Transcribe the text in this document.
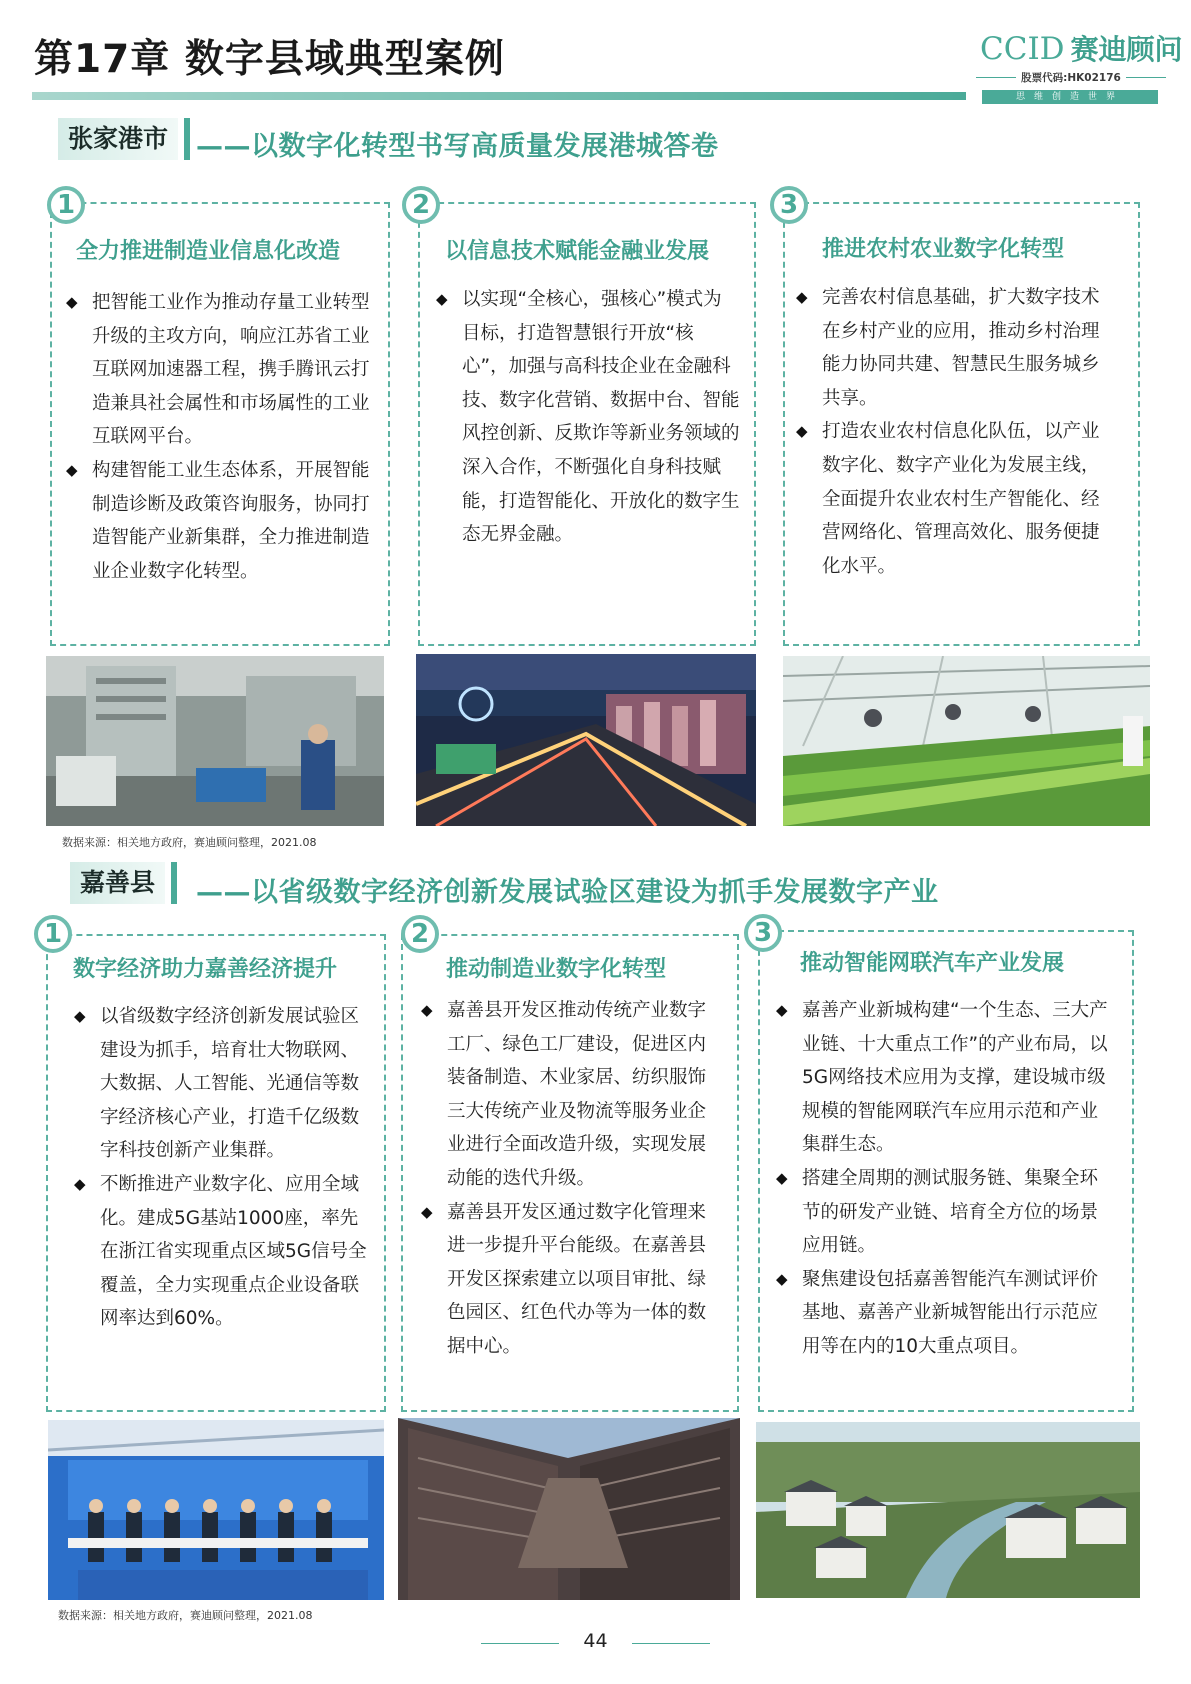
第17章 数字县域典型案例	CCID 赛迪顾问
股票代码:HK02176
思维创造世界
张家港市	——以数字化转型书写高质量发展港城答卷
1
全力推进制造业信息化改造
◆ 把智能工业作为推动存量工业转型升级的主攻方向，响应江苏省工业互联网加速器工程，携手腾讯云打造兼具社会属性和市场属性的工业互联网平台。
◆ 构建智能工业生态体系，开展智能制造诊断及政策咨询服务，协同打造智能产业新集群，全力推进制造业企业数字化转型。
2
以信息技术赋能金融业发展
◆ 以实现“全核心，强核心”模式为目标，打造智慧银行开放“核心”，加强与高科技企业在金融科技、数字化营销、数据中台、智能风控创新、反欺诈等新业务领域的深入合作，不断强化自身科技赋能，打造智能化、开放化的数字生态无界金融。
3
推进农村农业数字化转型
◆ 完善农村信息基础，扩大数字技术在乡村产业的应用，推动乡村治理能力协同共建、智慧民生服务城乡共享。
◆ 打造农业农村信息化队伍，以产业数字化、数字产业化为发展主线，全面提升农业农村生产智能化、经营网络化、管理高效化、服务便捷化水平。
数据来源：相关地方政府，赛迪顾问整理，2021.08
嘉善县	——以省级数字经济创新发展试验区建设为抓手发展数字产业
1
数字经济助力嘉善经济提升
◆ 以省级数字经济创新发展试验区建设为抓手，培育壮大物联网、大数据、人工智能、光通信等数字经济核心产业，打造千亿级数字科技创新产业集群。
◆ 不断推进产业数字化、应用全域化。建成5G基站1000座，率先在浙江省实现重点区域5G信号全覆盖，全力实现重点企业设备联网率达到60%。
2
推动制造业数字化转型
◆ 嘉善县开发区推动传统产业数字工厂、绿色工厂建设，促进区内装备制造、木业家居、纺织服饰三大传统产业及物流等服务业企业进行全面改造升级，实现发展动能的迭代升级。
◆ 嘉善县开发区通过数字化管理来进一步提升平台能级。在嘉善县开发区探索建立以项目审批、绿色园区、红色代办等为一体的数据中心。
3
推动智能网联汽车产业发展
◆ 嘉善产业新城构建“一个生态、三大产业链、十大重点工作”的产业布局，以5G网络技术应用为支撑，建设城市级规模的智能网联汽车应用示范和产业集群生态。
◆ 搭建全周期的测试服务链、集聚全环节的研发产业链、培育全方位的场景应用链。
◆ 聚焦建设包括嘉善智能汽车测试评价基地、嘉善产业新城智能出行示范应用等在内的10大重点项目。
数据来源：相关地方政府，赛迪顾问整理，2021.08
44
